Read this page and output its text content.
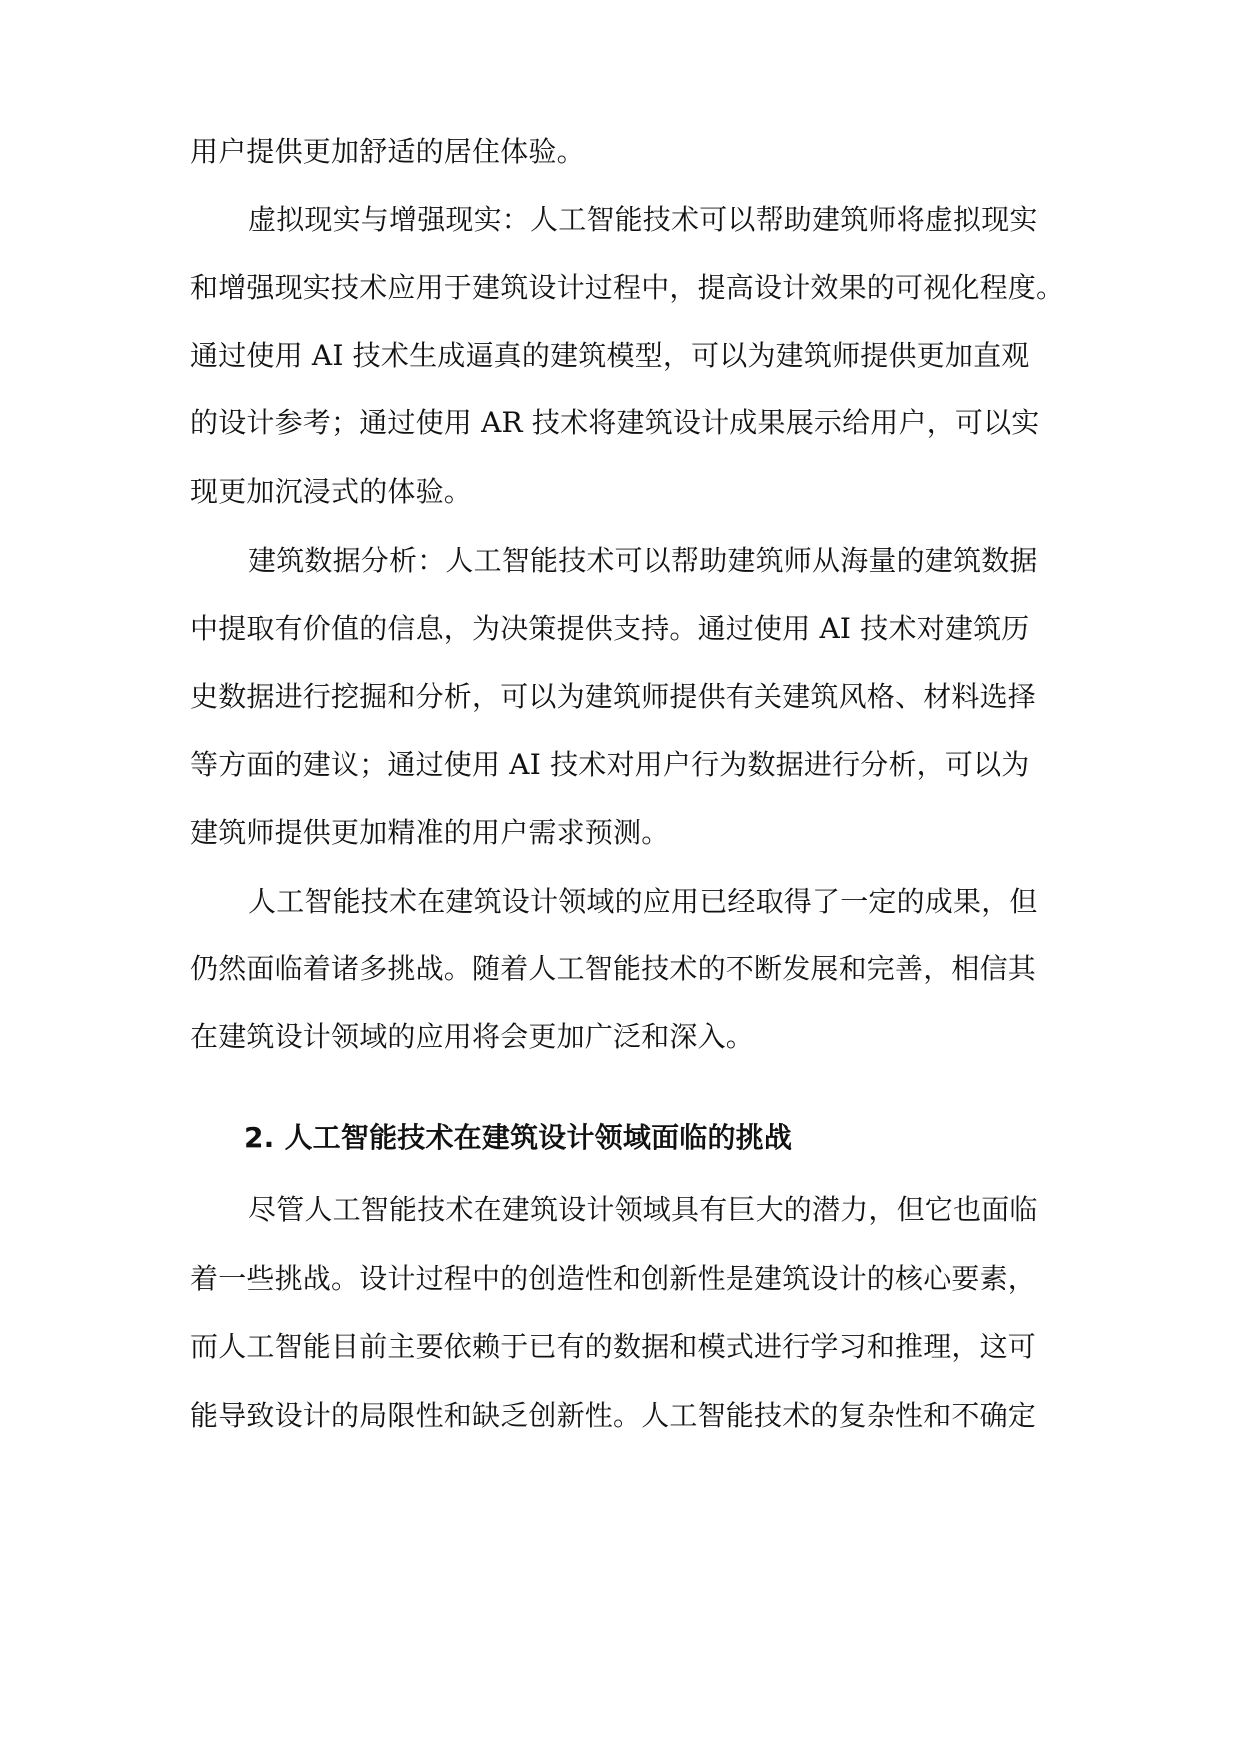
用户提供更加舒适的居住体验。
虚拟现实与增强现实：人工智能技术可以帮助建筑师将虚拟现实
和增强现实技术应用于建筑设计过程中，提高设计效果的可视化程度。
通过使用 AI 技术生成逼真的建筑模型，可以为建筑师提供更加直观
的设计参考；通过使用 AR 技术将建筑设计成果展示给用户，可以实
现更加沉浸式的体验。
建筑数据分析：人工智能技术可以帮助建筑师从海量的建筑数据
中提取有价值的信息，为决策提供支持。通过使用 AI 技术对建筑历
史数据进行挖掘和分析，可以为建筑师提供有关建筑风格、材料选择
等方面的建议；通过使用 AI 技术对用户行为数据进行分析，可以为
建筑师提供更加精准的用户需求预测。
人工智能技术在建筑设计领域的应用已经取得了一定的成果，但
仍然面临着诸多挑战。随着人工智能技术的不断发展和完善，相信其
在建筑设计领域的应用将会更加广泛和深入。
2. 人工智能技术在建筑设计领域面临的挑战
尽管人工智能技术在建筑设计领域具有巨大的潜力，但它也面临
着一些挑战。设计过程中的创造性和创新性是建筑设计的核心要素，
而人工智能目前主要依赖于已有的数据和模式进行学习和推理，这可
能导致设计的局限性和缺乏创新性。人工智能技术的复杂性和不确定
